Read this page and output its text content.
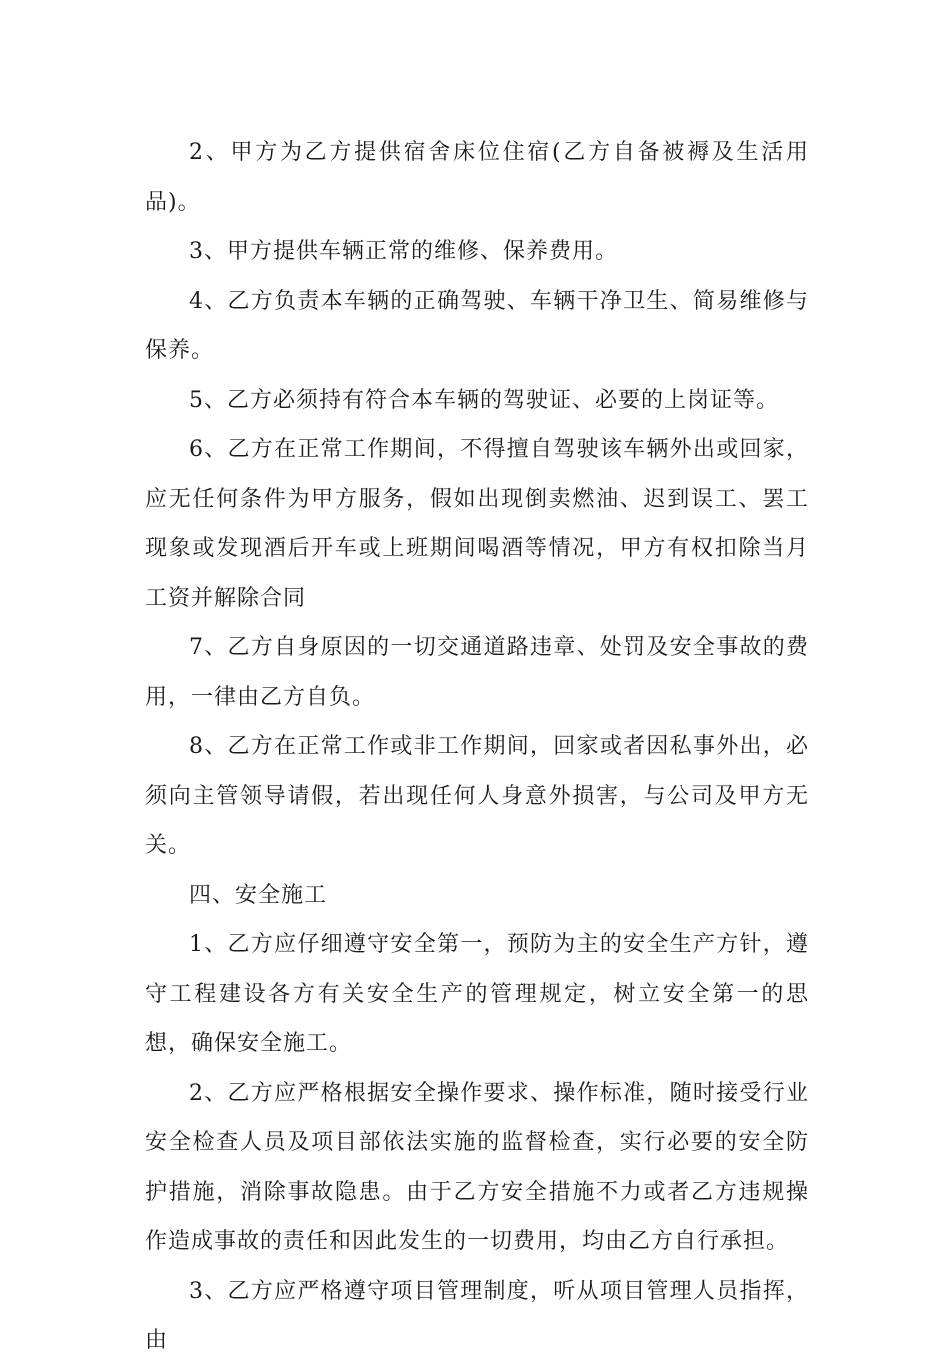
2、甲方为乙方提供宿舍床位住宿(乙方自备被褥及生活用品)。

3、甲方提供车辆正常的维修、保养费用。

4、乙方负责本车辆的正确驾驶、车辆干净卫生、简易维修与保养。

5、乙方必须持有符合本车辆的驾驶证、必要的上岗证等。

6、乙方在正常工作期间，不得擅自驾驶该车辆外出或回家，应无任何条件为甲方服务，假如出现倒卖燃油、迟到误工、罢工现象或发现酒后开车或上班期间喝酒等情况，甲方有权扣除当月工资并解除合同

7、乙方自身原因的一切交通道路违章、处罚及安全事故的费用，一律由乙方自负。

8、乙方在正常工作或非工作期间，回家或者因私事外出，必须向主管领导请假，若出现任何人身意外损害，与公司及甲方无关。

四、安全施工

1、乙方应仔细遵守安全第一，预防为主的安全生产方针，遵守工程建设各方有关安全生产的管理规定，树立安全第一的思想，确保安全施工。

2、乙方应严格根据安全操作要求、操作标准，随时接受行业安全检查人员及项目部依法实施的监督检查，实行必要的安全防护措施，消除事故隐患。由于乙方安全措施不力或者乙方违规操作造成事故的责任和因此发生的一切费用，均由乙方自行承担。

3、乙方应严格遵守项目管理制度，听从项目管理人员指挥，由
